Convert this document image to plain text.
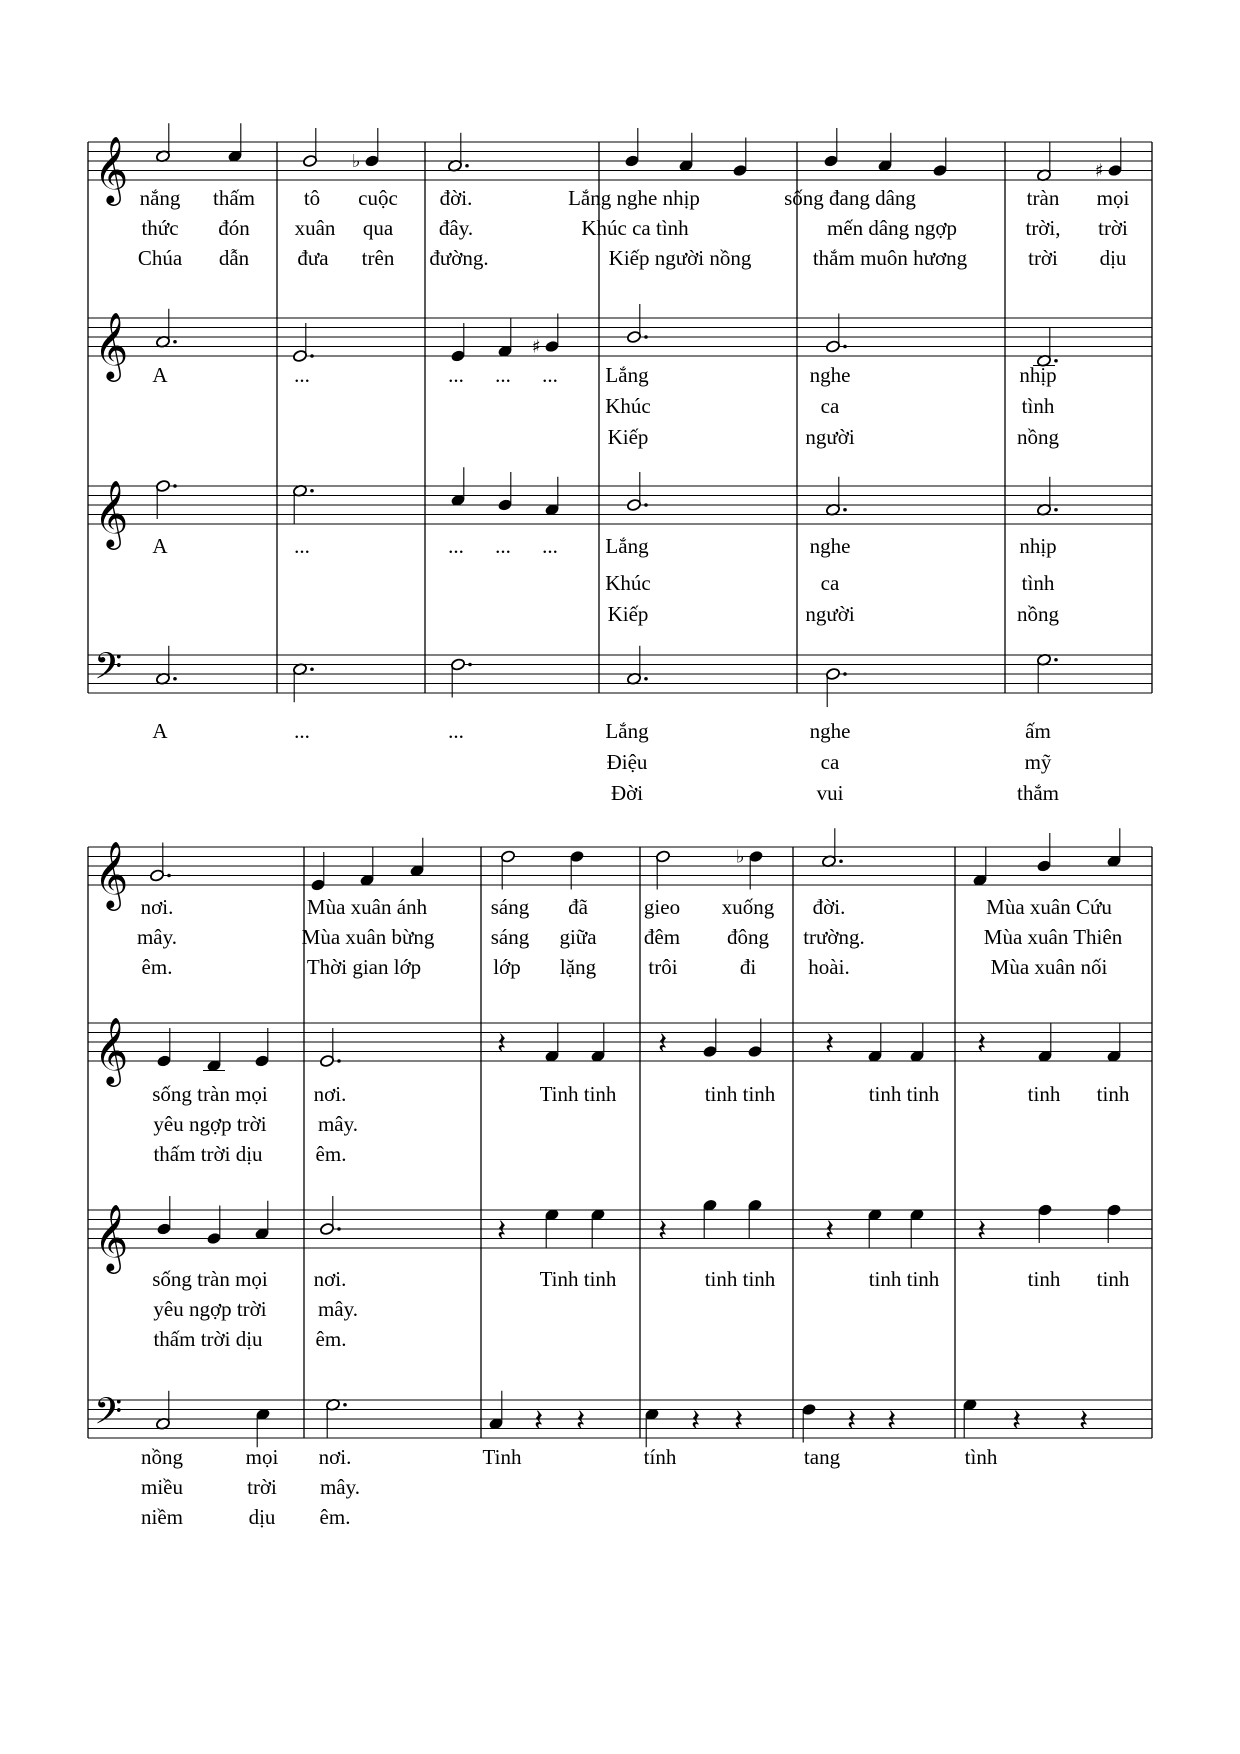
𝄞	♭	♯
𝄞	♯
𝄞
𝄢
𝄞	♭
𝄞	𝄽	𝄽	𝄽	𝄽
𝄞	𝄽	𝄽	𝄽	𝄽
𝄢	𝄽 𝄽	𝄽 𝄽	𝄽 𝄽	𝄽 𝄽
nắng thấm tô cuộc đời.	Lắng nghe nhịp	sống đang dâng	tràn mọi
thức đón xuân qua đây.	Khúc ca tình	mến dâng ngợp	trời, trời
Chúa dẫn đưa trên đường.	Kiếp người nồng	thắm muôn hương	trời dịu
A	...	... ... ... Lắng	nghe	nhịp
Khúc	ca	tình
Kiếp	người	nồng
A	...	... ... ... Lắng	nghe	nhịp
Khúc	ca	tình
Kiếp	người	nồng
A	...	...	Lắng	nghe	ấm
Điệu	ca	mỹ
Đời	vui	thắm
nơi.	Mùa xuân ánh	sáng đã	gieo xuống đời.	Mùa xuân Cứu
mây.	Mùa xuân bừng	sáng giữa đêm đông trường.	Mùa xuân Thiên
êm.	Thời gian lớp	lớp lặng trôi	đi hoài.	Mùa xuân nối
sống tràn mọi nơi.	Tinh tinh	tinh tinh	tinh tinh	tinh tinh
yêu ngợp trời mây.
thấm trời dịu	êm.
sống tràn mọi nơi.	Tinh tinh	tinh tinh	tinh tinh	tinh tinh
yêu ngợp trời mây.
thấm trời dịu	êm.
nồng	mọi nơi.	Tinh	tính	tang	tình
miều	trời mây.
niềm	dịu êm.
